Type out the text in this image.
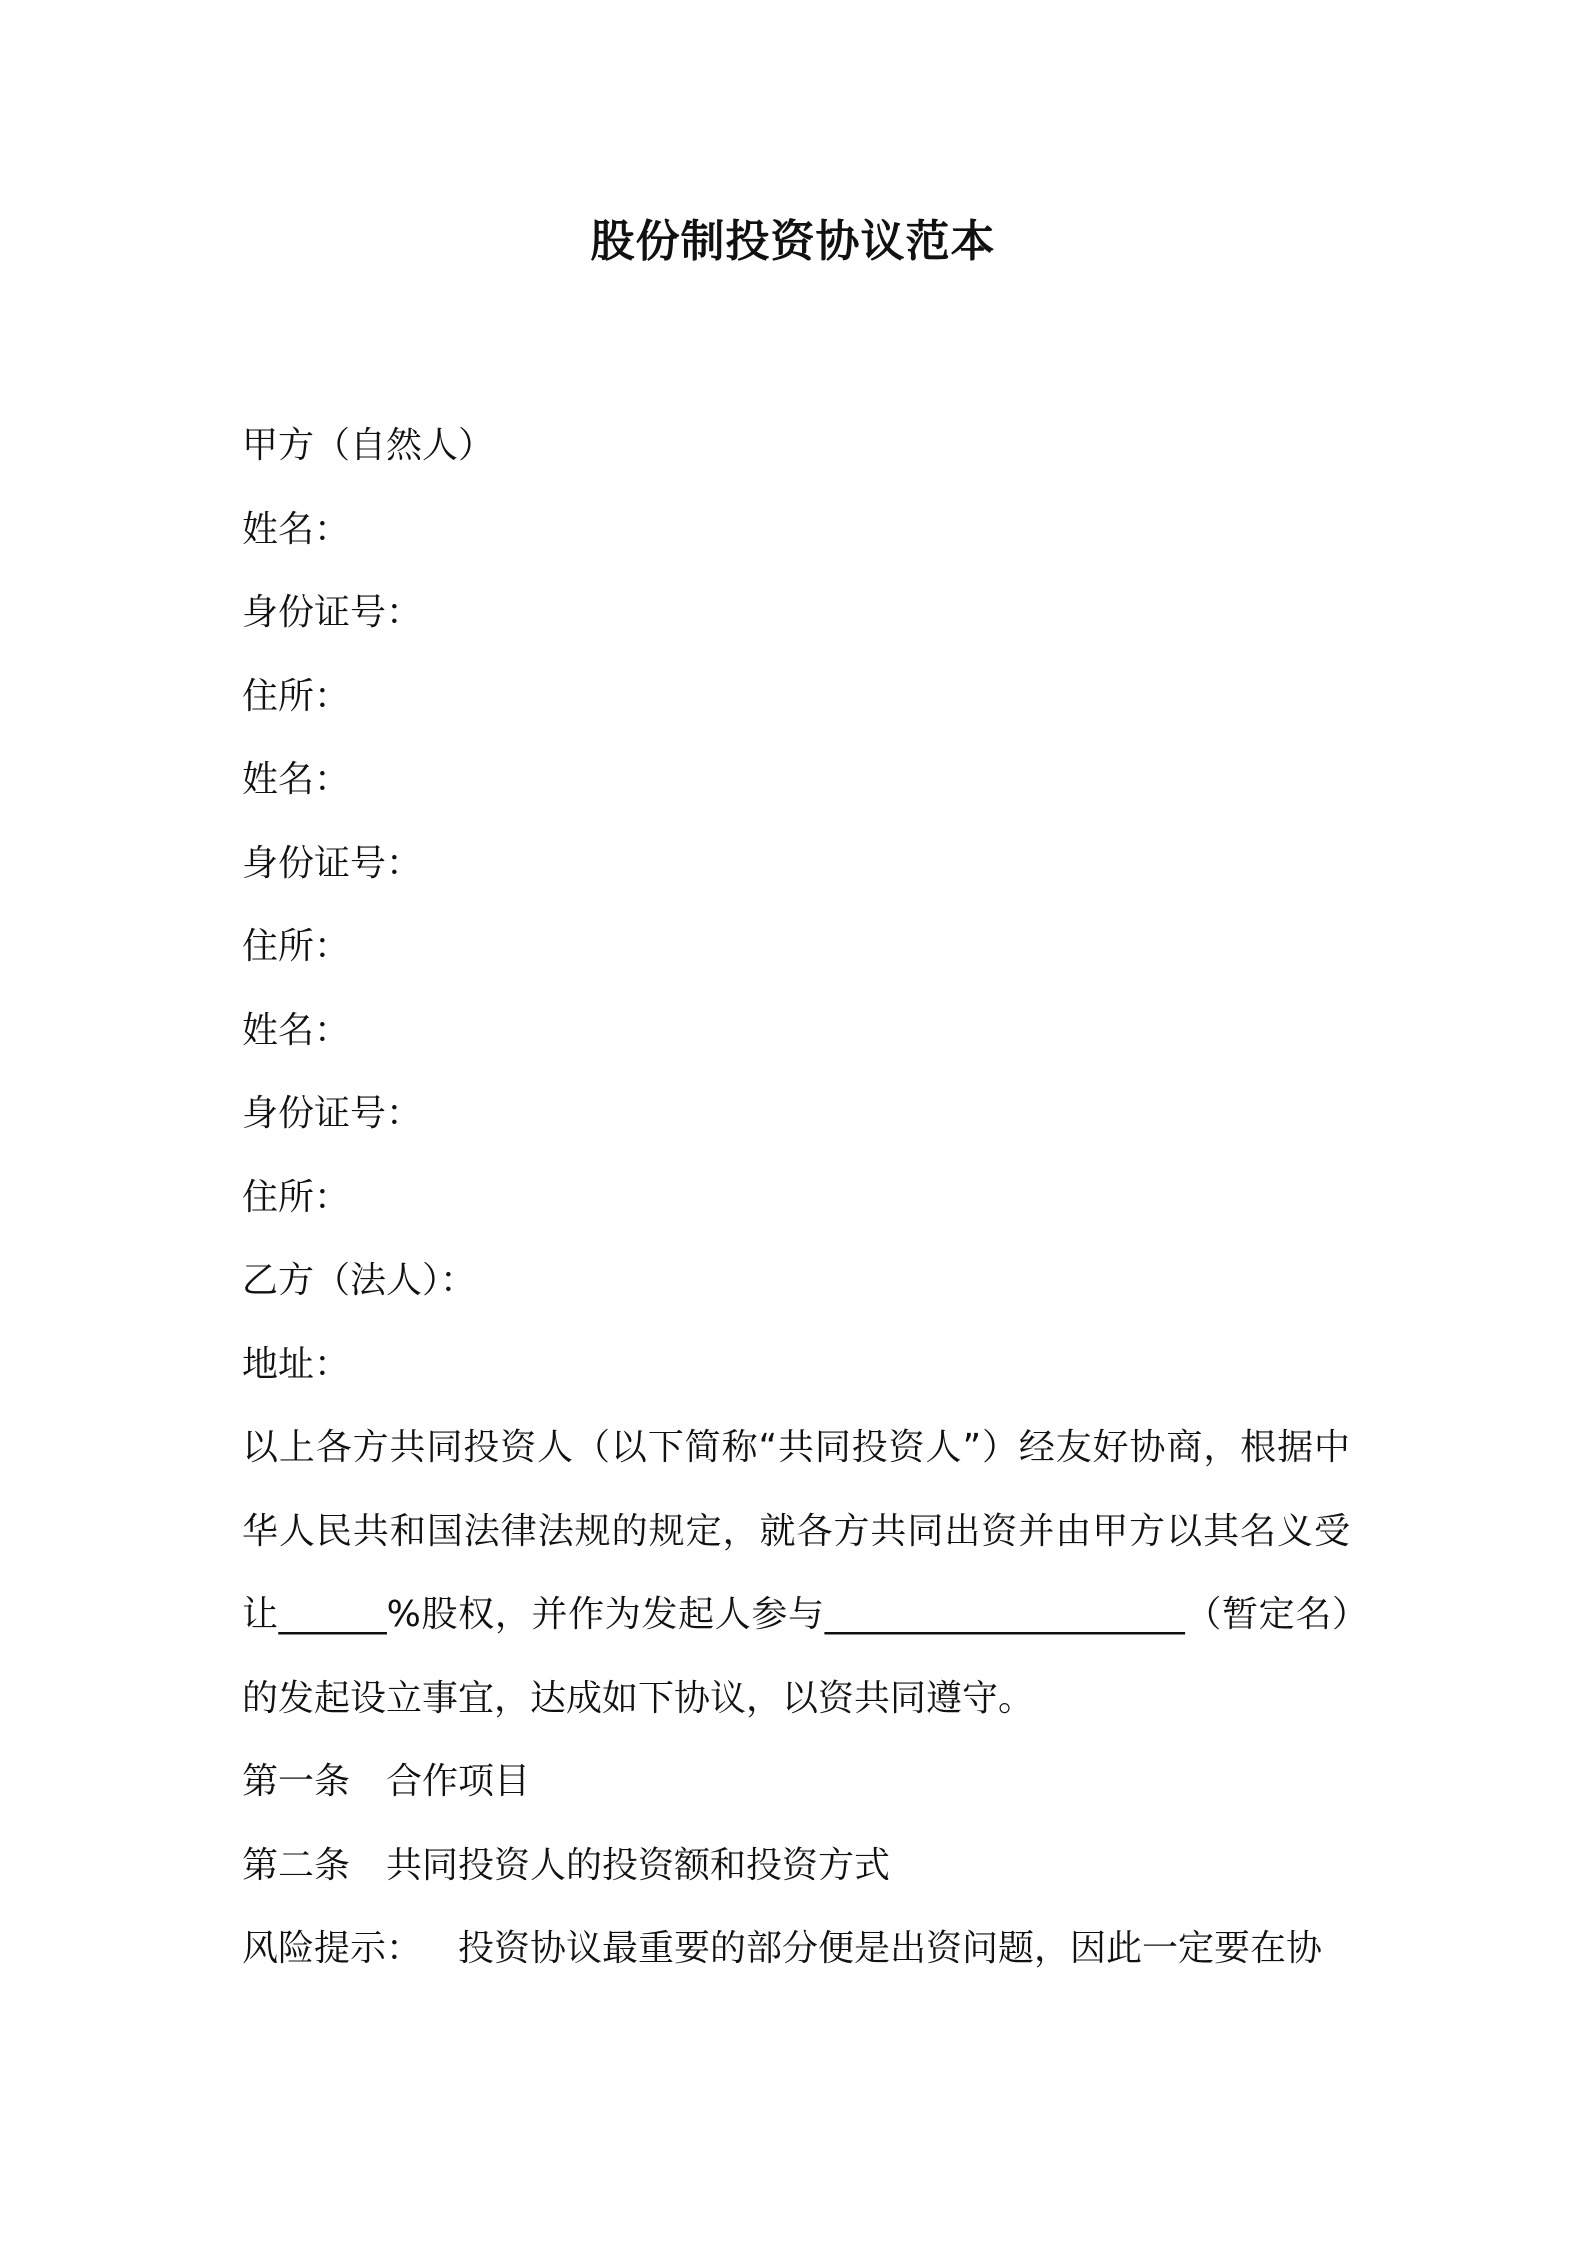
股份制投资协议范本
甲方（自然人）
姓名：
身份证号：
住所：
姓名：
身份证号：
住所：
姓名：
身份证号：
住所：
乙方（法人）：
地址：
以上各方共同投资人（以下简称“共同投资人”）经友好协商，根据中华人民共和国法律法规的规定，就各方共同出资并由甲方以其名义受让______%股权，并作为发起人参与____________________（暂定名）的发起设立事宜，达成如下协议，以资共同遵守。
第一条 合作项目
第二条 共同投资人的投资额和投资方式
风险提示： 投资协议最重要的部分便是出资问题，因此一定要在协
